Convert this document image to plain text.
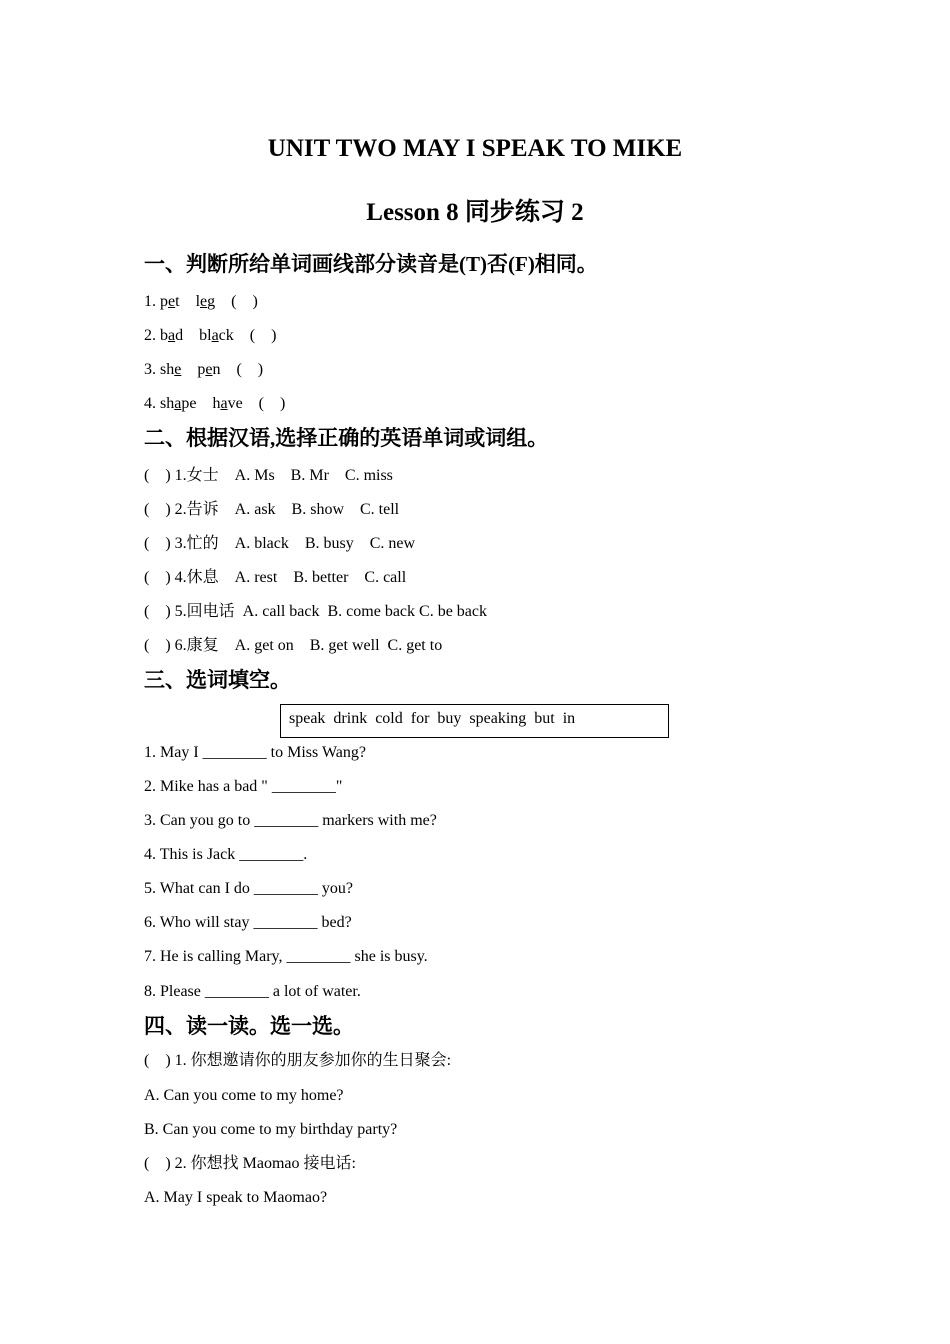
UNIT TWO MAY I SPEAK TO MIKE
Lesson 8 同步练习 2
一、判断所给单词画线部分读音是(T)否(F)相同。
1. pet leg    (    )
2. bad black    (    )
3. she pen    (    )
4. shape have    (    )
二、根据汉语,选择正确的英语单词或词组。
(    ) 1.女士    A. Ms    B. Mr    C. miss
(    ) 2.告诉    A. ask    B. show    C. tell
(    ) 3.忙的    A. black    B. busy    C. new
(    ) 4.休息    A. rest    B. better    C. call
(    ) 5.回电话  A. call back  B. come back C. be back
(    ) 6.康复    A. get on    B. get well  C. get to
三、选词填空。
speak  drink  cold  for  buy  speaking  but  in
1. May I ________ to Miss Wang?
2. Mike has a bad " ________"
3. Can you go to ________ markers with me?
4. This is Jack ________.
5. What can I do ________ you?
6. Who will stay ________ bed?
7. He is calling Mary, ________ she is busy.
8. Please ________ a lot of water.
四、读一读。选一选。
(    ) 1. 你想邀请你的朋友参加你的生日聚会:
A. Can you come to my home?
B. Can you come to my birthday party?
(    ) 2. 你想找 Maomao 接电话:
A. May I speak to Maomao?
